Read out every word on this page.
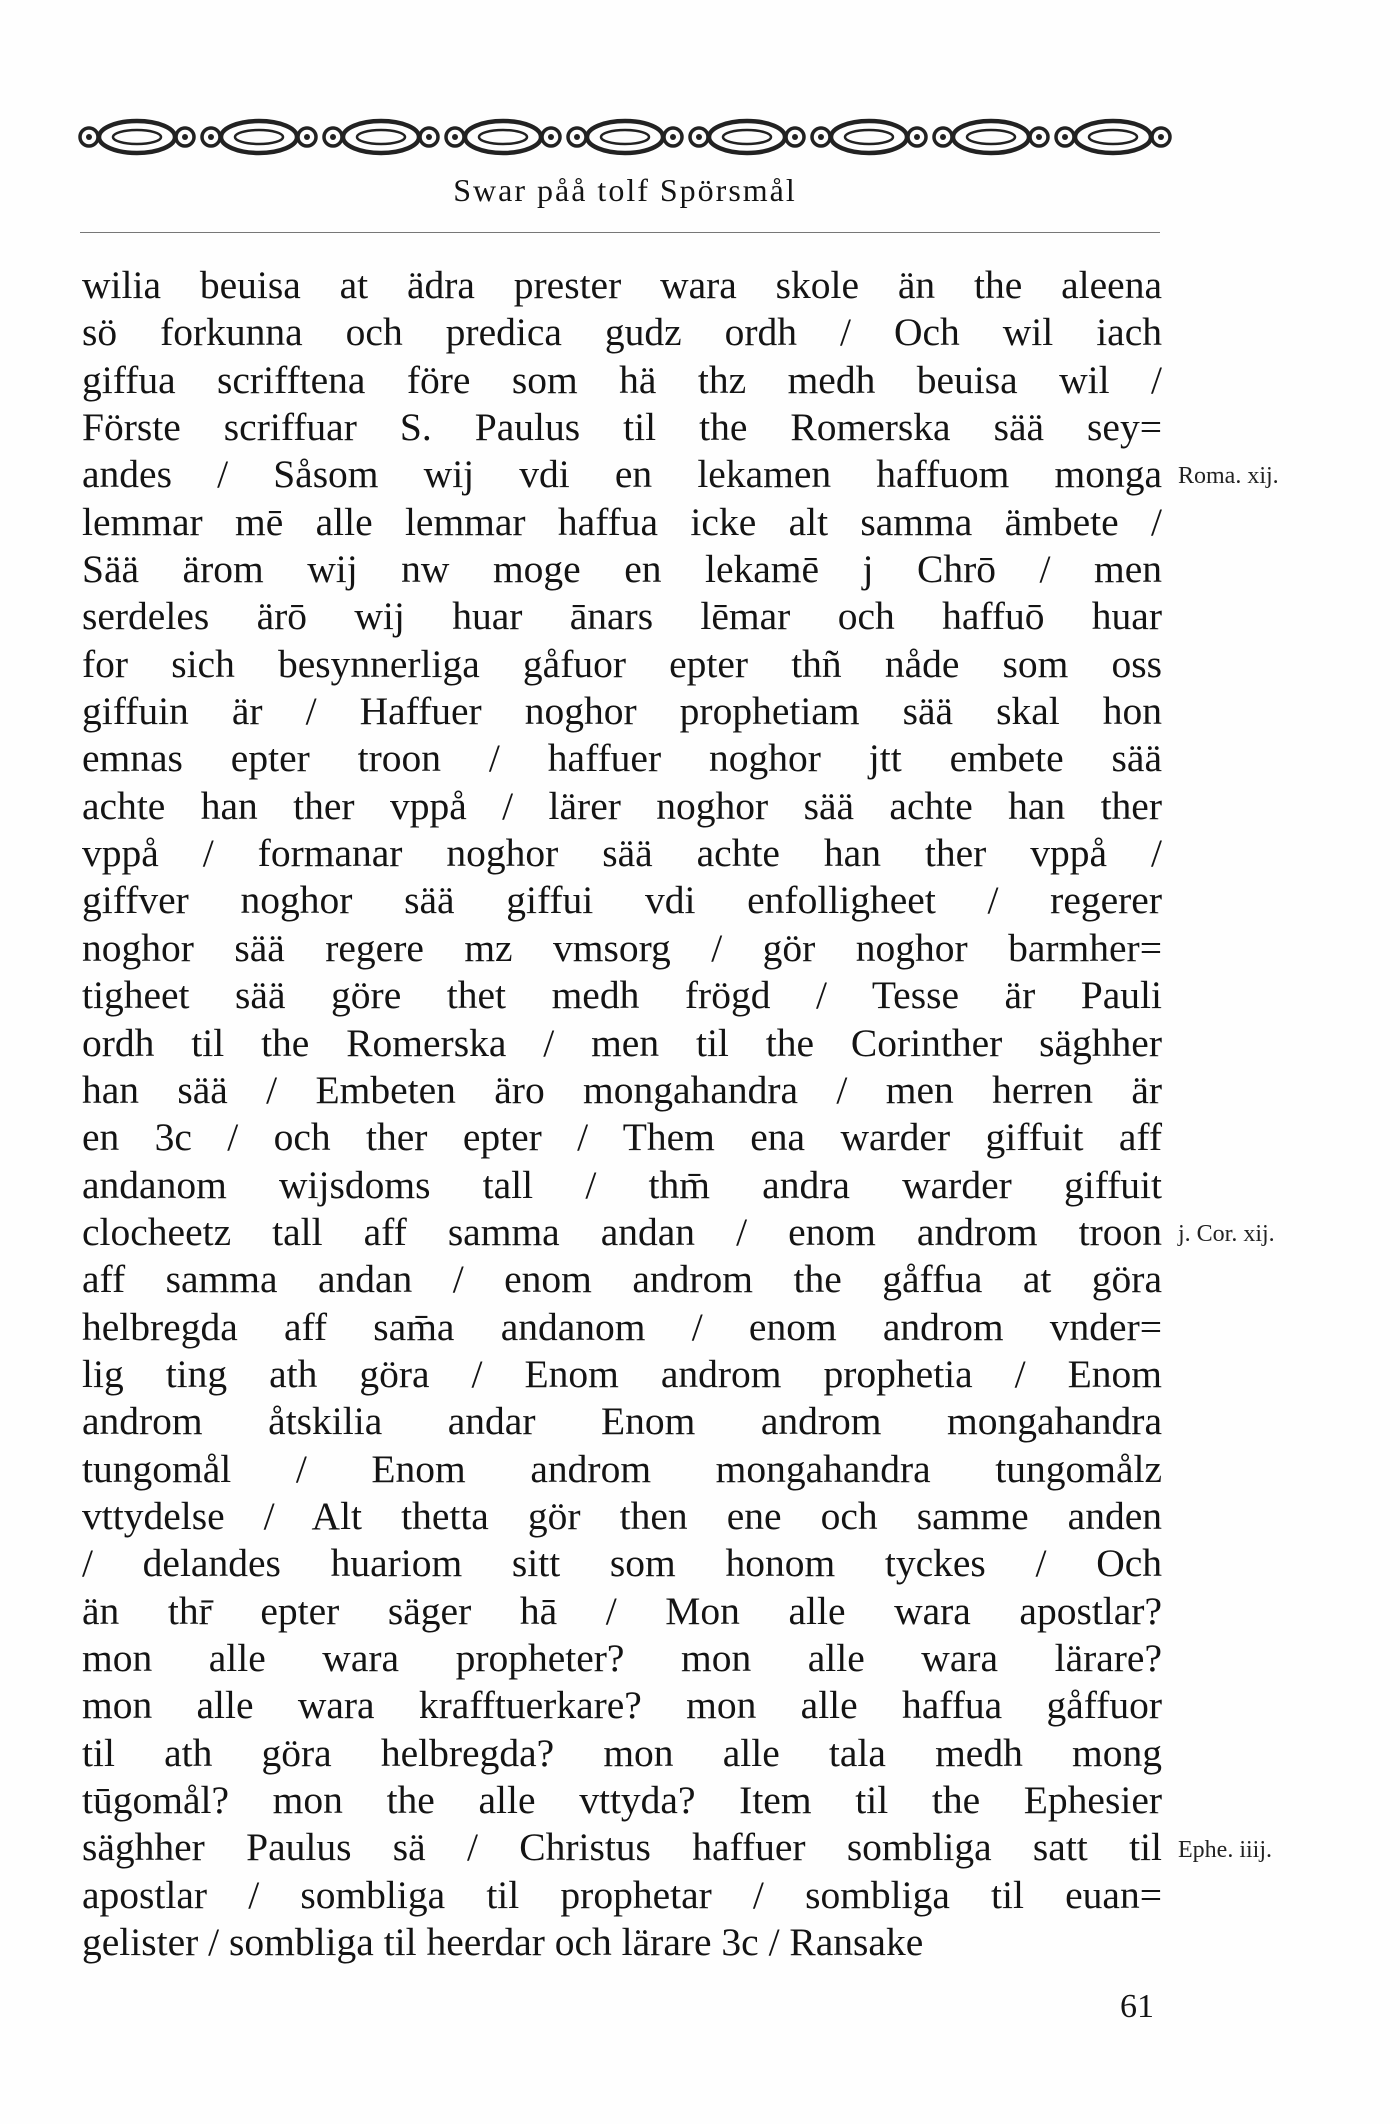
Swar påå tolf Spörsmål
wilia beuisa at ädra prester wara skole än the aleena
sö forkunna och predica gudz ordh / Och wil iach
giffua scrifftena före som hä thz medh beuisa wil /
Förste scriffuar S. Paulus til the Romerska sää sey=
andes / Såsom wij vdi en lekamen haffuom monga
lemmar mē alle lemmar haffua icke alt samma ämbete /
Sää ärom wij nw moge en lekamē j Chrō / men
serdeles ärō wij huar ānars lēmar och haffuō huar
for sich besynnerliga gåfuor epter thñ nåde som oss
giffuin är / Haffuer noghor prophetiam sää skal hon
emnas epter troon / haffuer noghor jtt embete sää
achte han ther vppå / lärer noghor sää achte han ther
vppå / formanar noghor sää achte han ther vppå /
giffver noghor sää giffui vdi enfollighеet / regerer
noghor sää regere mz vmsorg / gör noghor barmher=
tigheet sää göre thet medh frögd / Tesse är Pauli
ordh til the Romerska / men til the Corinther säghher
han sää / Embeten äro mongahandra / men herren är
en 3c / och ther epter / Them ena warder giffuit aff
andanom wijsdoms tall / thm̄ andra warder giffuit
clocheetz tall aff samma andan / enom androm troon
aff samma andan / enom androm the gåffua at göra
helbregda aff sam̄a andanom / enom androm vnder=
lig ting ath göra / Enom androm prophetia / Enom
androm åtskilia andar Enom androm mongahandra
tungomål / Enom androm mongahandra tungomålz
vttydelse / Alt thetta gör then ene och samme anden
/ delandes huariom sitt som honom tyckes / Och
än thr̄ epter säger hā / Mon alle wara apostlar?
mon alle wara propheter? mon alle wara lärare?
mon alle wara krafftuerkare? mon alle haffua gåffuor
til ath göra helbregda? mon alle tala medh mong
tūgomål? mon the alle vttyda? Item til the Ephesier
säghher Paulus sä / Christus haffuer sombliga satt til
apostlar / sombliga til prophetar / sombliga til euan=
gelister / sombliga til heerdar och lärare 3c / Ransake
Roma. xij.
j. Cor. xij.
Ephe. iiij.
61
